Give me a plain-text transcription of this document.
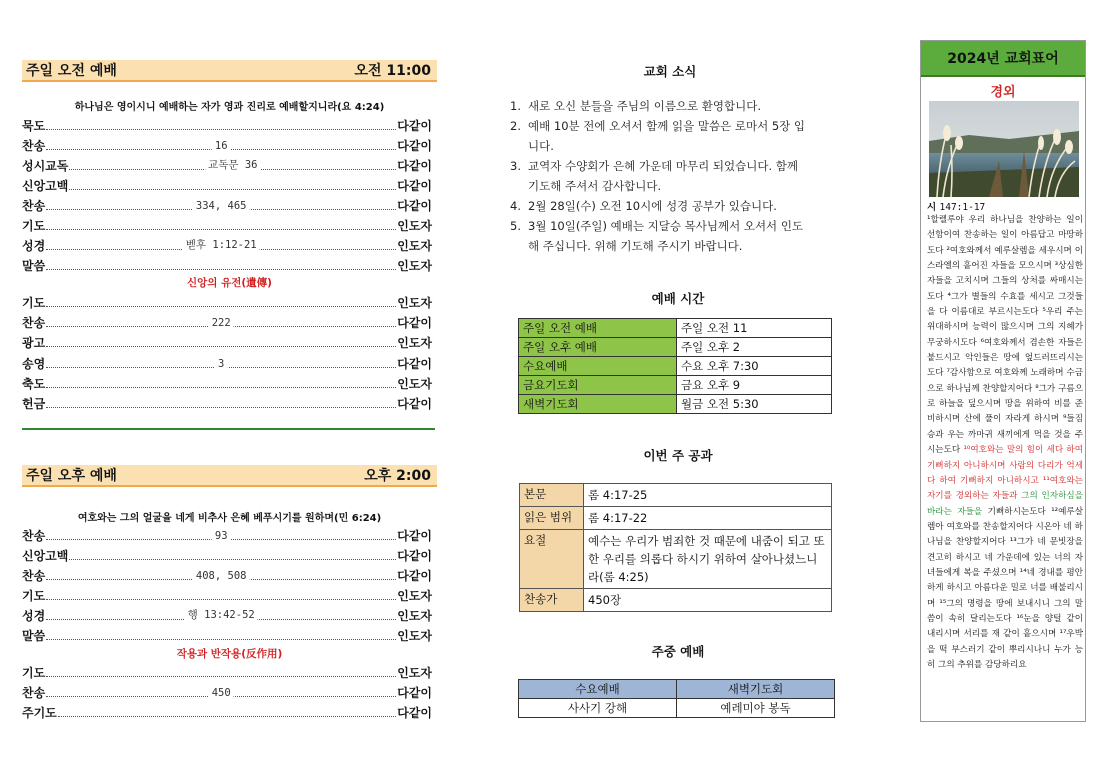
주일 오전 예배	오전 11:00
하나님은 영이시니 예배하는 자가 영과 진리로 예배할지니라(요 4:24)
묵도	다같이
찬송	16	다같이
성시교독	교독문 36	다같이
신앙고백	다같이
찬송	334, 465	다같이
기도	인도자
성경	벧후 1:12-21	인도자
말씀	인도자
신앙의 유전(遺傳)
기도	인도자
찬송	222	다같이
광고	인도자
송영	3	다같이
축도	인도자
헌금	다같이
주일 오후 예배	오후 2:00
여호와는 그의 얼굴을 네게 비추사 은혜 베푸시기를 원하며(민 6:24)
찬송	93	다같이
신앙고백	다같이
찬송	408, 508	다같이
기도	인도자
성경	행 13:42-52	인도자
말씀	인도자
작용과 반작용(反作用)
기도	인도자
찬송	450	다같이
주기도	다같이
교회 소식
1. 새로 오신 분들을 주님의 이름으로 환영합니다.
2. 예배 10분 전에 오셔서 함께 읽을 말씀은 로마서 5장 입니다.
3. 교역자 수양회가 은혜 가운데 마무리 되었습니다. 함께 기도해 주셔서 감사합니다.
4. 2월 28일(수) 오전 10시에 성경 공부가 있습니다.
5. 3월 10일(주일) 예배는 지달승 목사님께서 오셔서 인도해 주십니다. 위해 기도해 주시기 바랍니다.
예배 시간
주일 오전 예배	주일 오전 11
주일 오후 예배	주일 오후 2
수요예배	수요 오후 7:30
금요기도회	금요 오후 9
새벽기도회	월금 오전 5:30
이번 주 공과
본문	롬 4:17-25
읽은 범위	롬 4:17-22
요절	예수는 우리가 범죄한 것 때문에 내줌이 되고 또한 우리를 의롭다 하시기 위하여 살아나셨느니라(롬 4:25)
찬송가	450장
주중 예배
수요예배	새벽기도회
사사기 강해	예레미야 봉독
2024년 교회표어
경외
시 147:1-17
¹할렐루야 우리 하나님을 찬양하는 일이 선함이여 찬송하는 일이 아름답고 마땅하도다 ²여호와께서 예루살렘을 세우시며 이스라엘의 흩어진 자들을 모으시며 ³상심한 자들을 고치시며 그들의 상처를 싸매시는도다 ⁴그가 별들의 수효를 세시고 그것들을 다 이름대로 부르시는도다 ⁵우리 주는 위대하시며 능력이 많으시며 그의 지혜가 무궁하시도다 ⁶여호와께서 겸손한 자들은 붙드시고 악인들은 땅에 엎드러뜨리시는도다 ⁷감사함으로 여호와께 노래하며 수금으로 하나님께 찬양할지어다 ⁸그가 구름으로 하늘을 덮으시며 땅을 위하여 비를 준비하시며 산에 풀이 자라게 하시며 ⁹들짐승과 우는 까마귀 새끼에게 먹을 것을 주시는도다 ¹⁰여호와는 말의 힘이 세다 하여 기뻐하지 아니하시며 사람의 다리가 억세다 하여 기뻐하지 아니하시고 ¹¹여호와는 자기를 경외하는 자들과 그의 인자하심을 바라는 자들을 기뻐하시는도다 ¹²예루살렘아 여호와를 찬송할지어다 시온아 네 하나님을 찬양할지어다 ¹³그가 네 문빗장을 견고히 하시고 네 가운데에 있는 너의 자녀들에게 복을 주셨으며 ¹⁴네 경내를 평안하게 하시고 아름다운 밀로 너를 배불리시며 ¹⁵그의 명령을 땅에 보내시니 그의 말씀이 속히 달리는도다 ¹⁶눈을 양털 같이 내리시며 서리를 재 같이 흩으시며 ¹⁷우박을 떡 부스러기 같이 뿌리시나니 누가 능히 그의 추위를 감당하리요
